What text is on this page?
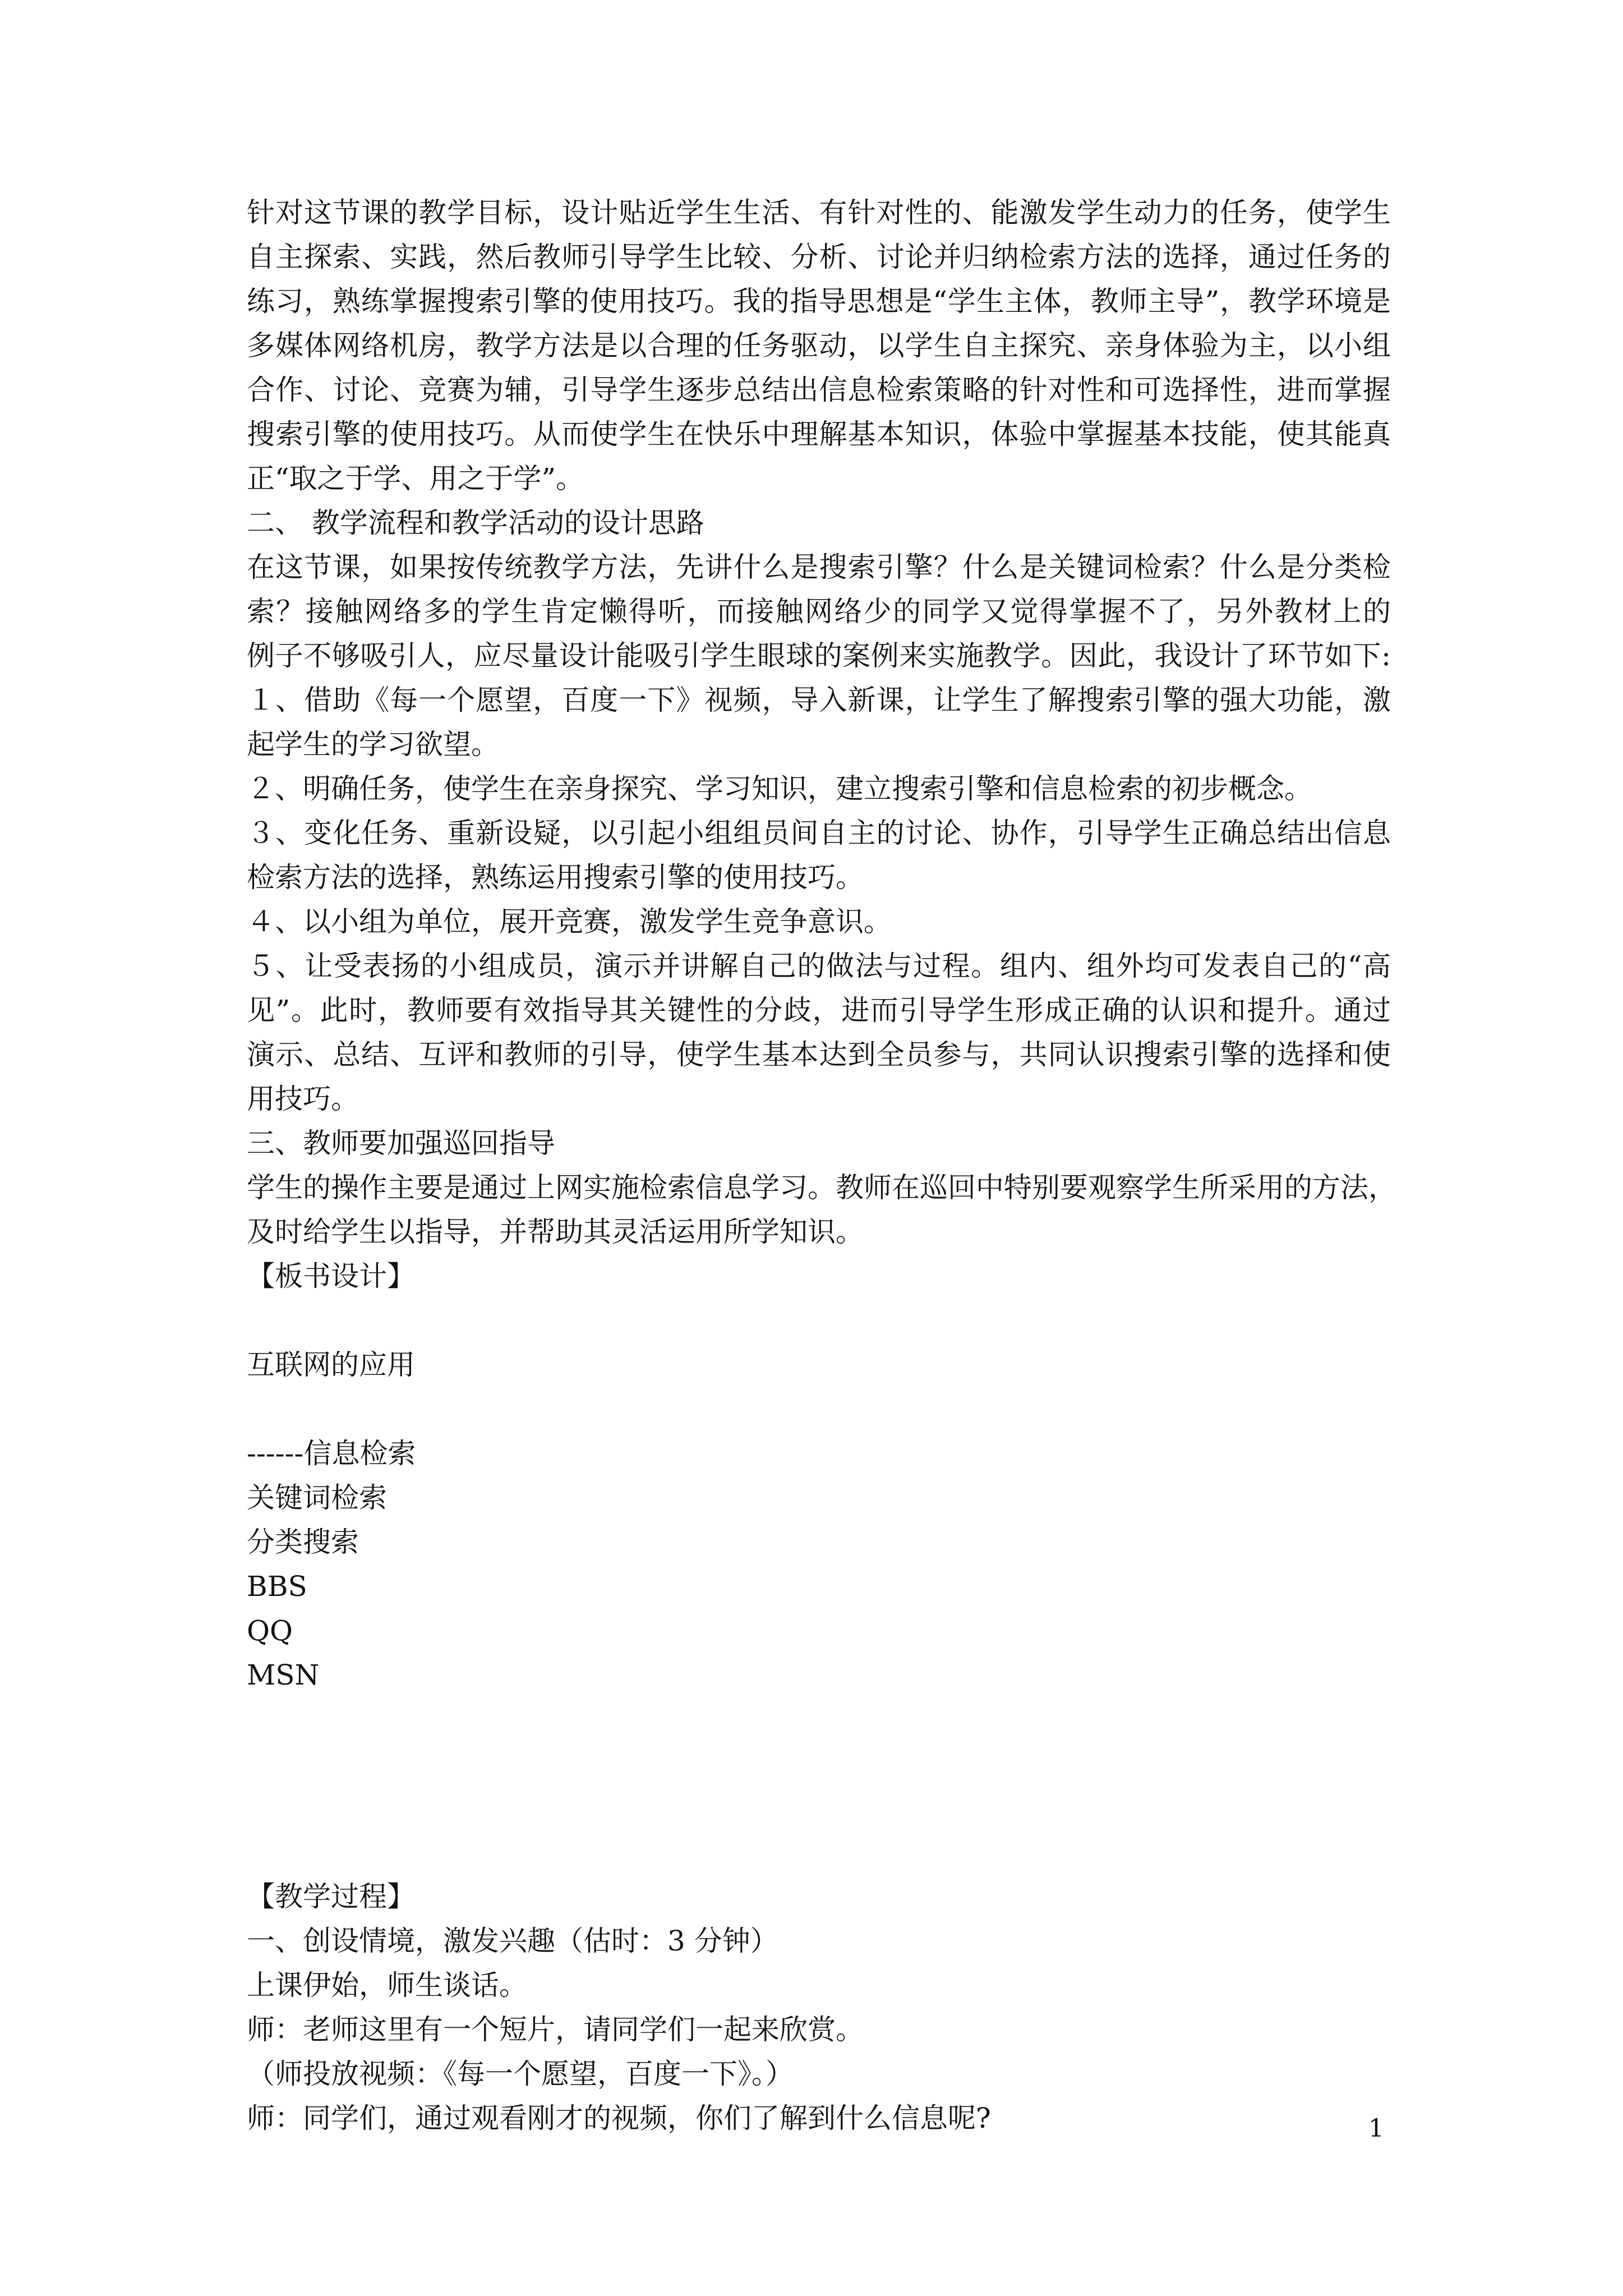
针对这节课的教学目标，设计贴近学生生活、有针对性的、能激发学生动力的任务，使学生
自主探索、实践，然后教师引导学生比较、分析、讨论并归纳检索方法的选择，通过任务的
练习，熟练掌握搜索引擎的使用技巧。我的指导思想是“学生主体，教师主导”，教学环境是
多媒体网络机房，教学方法是以合理的任务驱动，以学生自主探究、亲身体验为主，以小组
合作、讨论、竞赛为辅，引导学生逐步总结出信息检索策略的针对性和可选择性，进而掌握
搜索引擎的使用技巧。从而使学生在快乐中理解基本知识，体验中掌握基本技能，使其能真
正“取之于学、用之于学”。
二、 教学流程和教学活动的设计思路
在这节课，如果按传统教学方法，先讲什么是搜索引擎？什么是关键词检索？什么是分类检
索？接触网络多的学生肯定懒得听，而接触网络少的同学又觉得掌握不了，另外教材上的
例子不够吸引人，应尽量设计能吸引学生眼球的案例来实施教学。因此，我设计了环节如下:
１、借助《每一个愿望，百度一下》视频，导入新课，让学生了解搜索引擎的强大功能，激
起学生的学习欲望。
２、明确任务，使学生在亲身探究、学习知识，建立搜索引擎和信息检索的初步概念。
３、变化任务、重新设疑，以引起小组组员间自主的讨论、协作，引导学生正确总结出信息
检索方法的选择，熟练运用搜索引擎的使用技巧。
４、以小组为单位，展开竞赛，激发学生竞争意识。
５、让受表扬的小组成员，演示并讲解自己的做法与过程。组内、组外均可发表自己的“高
见”。此时，教师要有效指导其关键性的分歧，进而引导学生形成正确的认识和提升。通过
演示、总结、互评和教师的引导，使学生基本达到全员参与，共同认识搜索引擎的选择和使
用技巧。
三、教师要加强巡回指导
学生的操作主要是通过上网实施检索信息学习。教师在巡回中特别要观察学生所采用的方法，
及时给学生以指导，并帮助其灵活运用所学知识。
【板书设计】
互联网的应用
------信息检索
关键词检索
分类搜索
BBS
QQ
MSN
【教学过程】
一、创设情境，激发兴趣（估时：3 分钟）
上课伊始，师生谈话。
师：老师这里有一个短片，请同学们一起来欣赏。
（师投放视频：《每一个愿望，百度一下》。）
师：同学们，通过观看刚才的视频，你们了解到什么信息呢?	1
